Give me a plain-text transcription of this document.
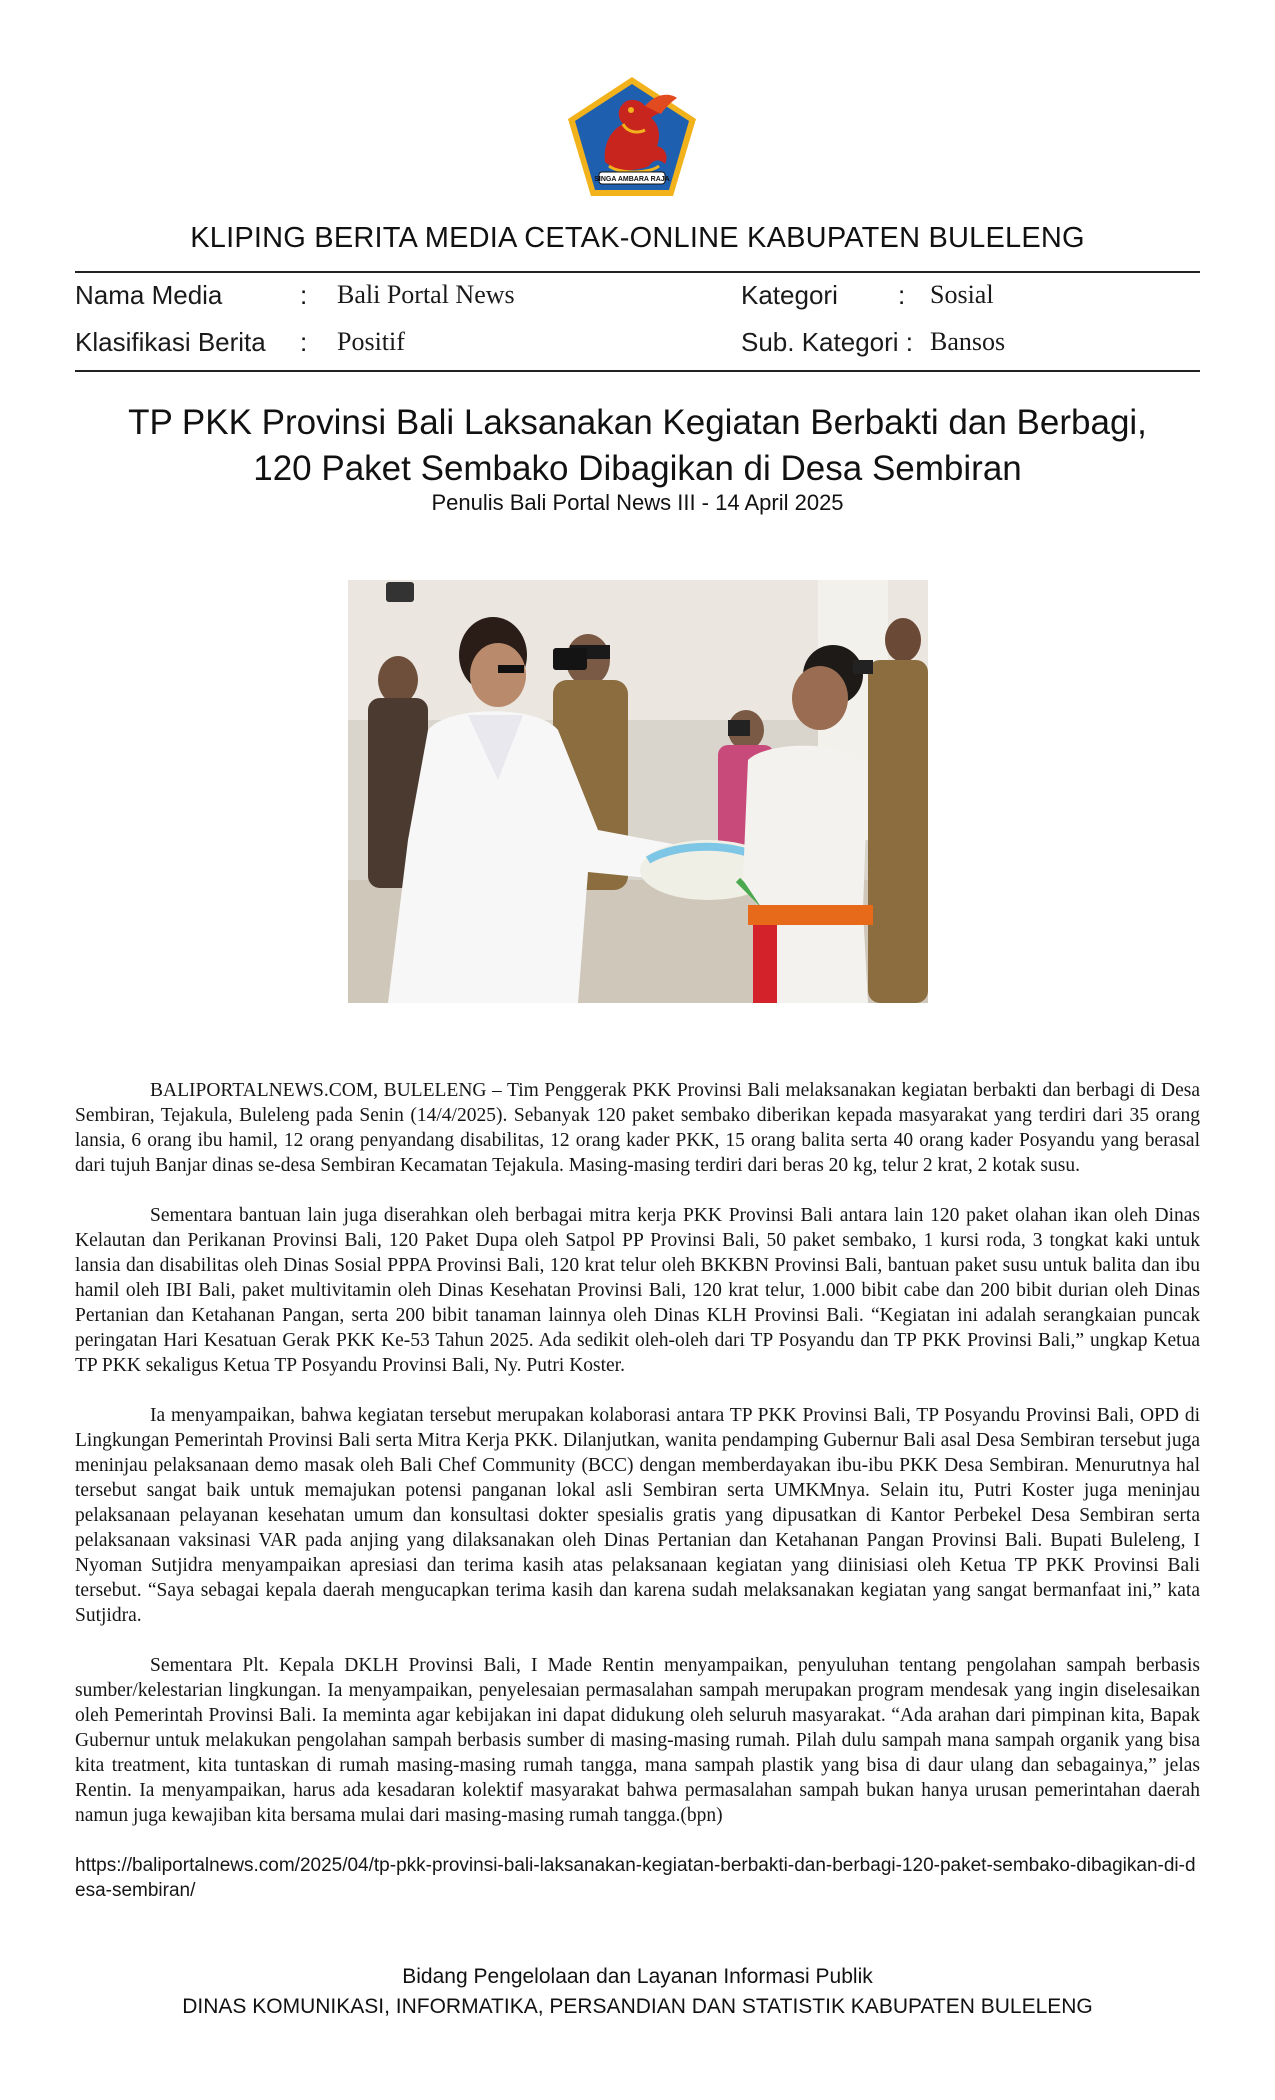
SINGA AMBARA RAJA
KLIPING BERITA MEDIA CETAK-ONLINE KABUPATEN BULELENG
Nama Media	: Bali Portal News	Kategori : Sosial
Klasifikasi Berita : Positif	Sub. Kategori : Bansos
TP PKK Provinsi Bali Laksanakan Kegiatan Berbakti dan Berbagi,
120 Paket Sembako Dibagikan di Desa Sembiran
Penulis Bali Portal News III - 14 April 2025

BALIPORTALNEWS.COM, BULELENG – Tim Penggerak PKK Provinsi Bali melaksanakan kegiatan berbakti dan berbagi di Desa Sembiran, Tejakula, Buleleng pada Senin (14/4/2025). Sebanyak 120 paket sembako diberikan kepada masyarakat yang terdiri dari 35 orang lansia, 6 orang ibu hamil, 12 orang penyandang disabilitas, 12 orang kader PKK, 15 orang balita serta 40 orang kader Posyandu yang berasal dari tujuh Banjar dinas se-desa Sembiran Kecamatan Tejakula. Masing-masing terdiri dari beras 20 kg, telur 2 krat, 2 kotak susu.

Sementara bantuan lain juga diserahkan oleh berbagai mitra kerja PKK Provinsi Bali antara lain 120 paket olahan ikan oleh Dinas Kelautan dan Perikanan Provinsi Bali, 120 Paket Dupa oleh Satpol PP Provinsi Bali, 50 paket sembako, 1 kursi roda, 3 tongkat kaki untuk lansia dan disabilitas oleh Dinas Sosial PPPA Provinsi Bali, 120 krat telur oleh BKKBN Provinsi Bali, bantuan paket susu untuk balita dan ibu hamil oleh IBI Bali, paket multivitamin oleh Dinas Kesehatan Provinsi Bali, 120 krat telur, 1.000 bibit cabe dan 200 bibit durian oleh Dinas Pertanian dan Ketahanan Pangan, serta 200 bibit tanaman lainnya oleh Dinas KLH Provinsi Bali. “Kegiatan ini adalah serangkaian puncak peringatan Hari Kesatuan Gerak PKK Ke-53 Tahun 2025. Ada sedikit oleh-oleh dari TP Posyandu dan TP PKK Provinsi Bali,” ungkap Ketua TP PKK sekaligus Ketua TP Posyandu Provinsi Bali, Ny. Putri Koster.

Ia menyampaikan, bahwa kegiatan tersebut merupakan kolaborasi antara TP PKK Provinsi Bali, TP Posyandu Provinsi Bali, OPD di Lingkungan Pemerintah Provinsi Bali serta Mitra Kerja PKK. Dilanjutkan, wanita pendamping Gubernur Bali asal Desa Sembiran tersebut juga meninjau pelaksanaan demo masak oleh Bali Chef Community (BCC) dengan memberdayakan ibu-ibu PKK Desa Sembiran. Menurutnya hal tersebut sangat baik untuk memajukan potensi panganan lokal asli Sembiran serta UMKMnya. Selain itu, Putri Koster juga meninjau pelaksanaan pelayanan kesehatan umum dan konsultasi dokter spesialis gratis yang dipusatkan di Kantor Perbekel Desa Sembiran serta pelaksanaan vaksinasi VAR pada anjing yang dilaksanakan oleh Dinas Pertanian dan Ketahanan Pangan Provinsi Bali. Bupati Buleleng, I Nyoman Sutjidra menyampaikan apresiasi dan terima kasih atas pelaksanaan kegiatan yang diinisiasi oleh Ketua TP PKK Provinsi Bali tersebut. “Saya sebagai kepala daerah mengucapkan terima kasih dan karena sudah melaksanakan kegiatan yang sangat bermanfaat ini,” kata Sutjidra.

Sementara Plt. Kepala DKLH Provinsi Bali, I Made Rentin menyampaikan, penyuluhan tentang pengolahan sampah berbasis sumber/kelestarian lingkungan. Ia menyampaikan, penyelesaian permasalahan sampah merupakan program mendesak yang ingin diselesaikan oleh Pemerintah Provinsi Bali. Ia meminta agar kebijakan ini dapat didukung oleh seluruh masyarakat. “Ada arahan dari pimpinan kita, Bapak Gubernur untuk melakukan pengolahan sampah berbasis sumber di masing-masing rumah. Pilah dulu sampah mana sampah organik yang bisa kita treatment, kita tuntaskan di rumah masing-masing rumah tangga, mana sampah plastik yang bisa di daur ulang dan sebagainya,” jelas Rentin. Ia menyampaikan, harus ada kesadaran kolektif masyarakat bahwa permasalahan sampah bukan hanya urusan pemerintahan daerah namun juga kewajiban kita bersama mulai dari masing-masing rumah tangga.(bpn)

https://baliportalnews.com/2025/04/tp-pkk-provinsi-bali-laksanakan-kegiatan-berbakti-dan-berbagi-120-paket-sembako-dibagikan-di-desa-sembiran/

Bidang Pengelolaan dan Layanan Informasi Publik
DINAS KOMUNIKASI, INFORMATIKA, PERSANDIAN DAN STATISTIK KABUPATEN BULELENG
